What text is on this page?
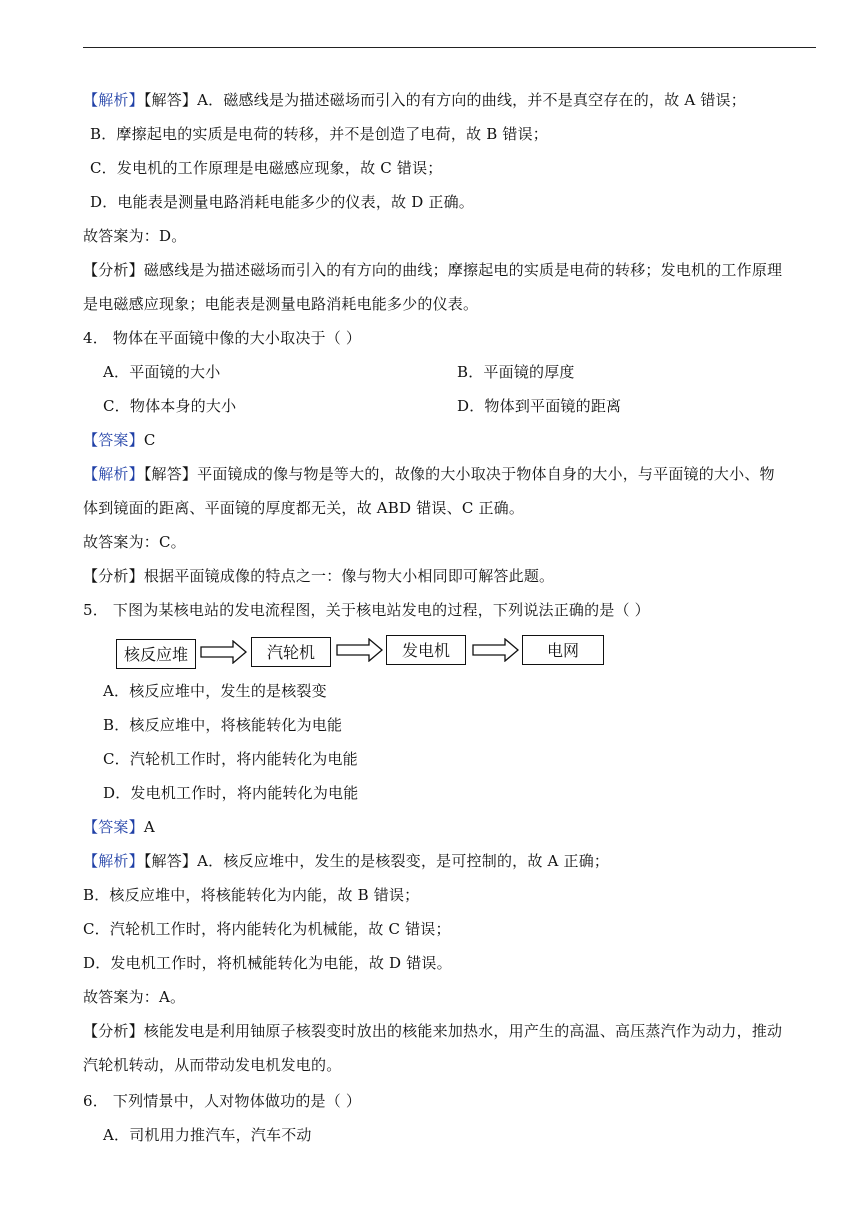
【解析】【解答】A．磁感线是为描述磁场而引入的有方向的曲线，并不是真空存在的，故 A 错误；
B．摩擦起电的实质是电荷的转移，并不是创造了电荷，故 B 错误；
C．发电机的工作原理是电磁感应现象，故 C 错误；
D．电能表是测量电路消耗电能多少的仪表，故 D 正确。
故答案为：D。
【分析】磁感线是为描述磁场而引入的有方向的曲线；摩擦起电的实质是电荷的转移；发电机的工作原理
是电磁感应现象；电能表是测量电路消耗电能多少的仪表。
4． 物体在平面镜中像的大小取决于（ ）
A．平面镜的大小	B．平面镜的厚度
C．物体本身的大小	D．物体到平面镜的距离
【答案】C
【解析】【解答】平面镜成的像与物是等大的，故像的大小取决于物体自身的大小，与平面镜的大小、物
体到镜面的距离、平面镜的厚度都无关，故 ABD 错误、C 正确。
故答案为：C。
【分析】根据平面镜成像的特点之一：像与物大小相同即可解答此题。
5． 下图为某核电站的发电流程图，关于核电站发电的过程，下列说法正确的是（ ）
核反应堆	汽轮机	发电机	电网
A．核反应堆中，发生的是核裂变
B．核反应堆中，将核能转化为电能
C．汽轮机工作时，将内能转化为电能
D．发电机工作时，将内能转化为电能
【答案】A
【解析】【解答】A．核反应堆中，发生的是核裂变，是可控制的，故 A 正确；
B．核反应堆中，将核能转化为内能，故 B 错误；
C．汽轮机工作时，将内能转化为机械能，故 C 错误；
D．发电机工作时，将机械能转化为电能，故 D 错误。
故答案为：A。
【分析】核能发电是利用铀原子核裂变时放出的核能来加热水，用产生的高温、高压蒸汽作为动力，推动
汽轮机转动，从而带动发电机发电的。
6． 下列情景中，人对物体做功的是（ ）
A．司机用力推汽车，汽车不动
